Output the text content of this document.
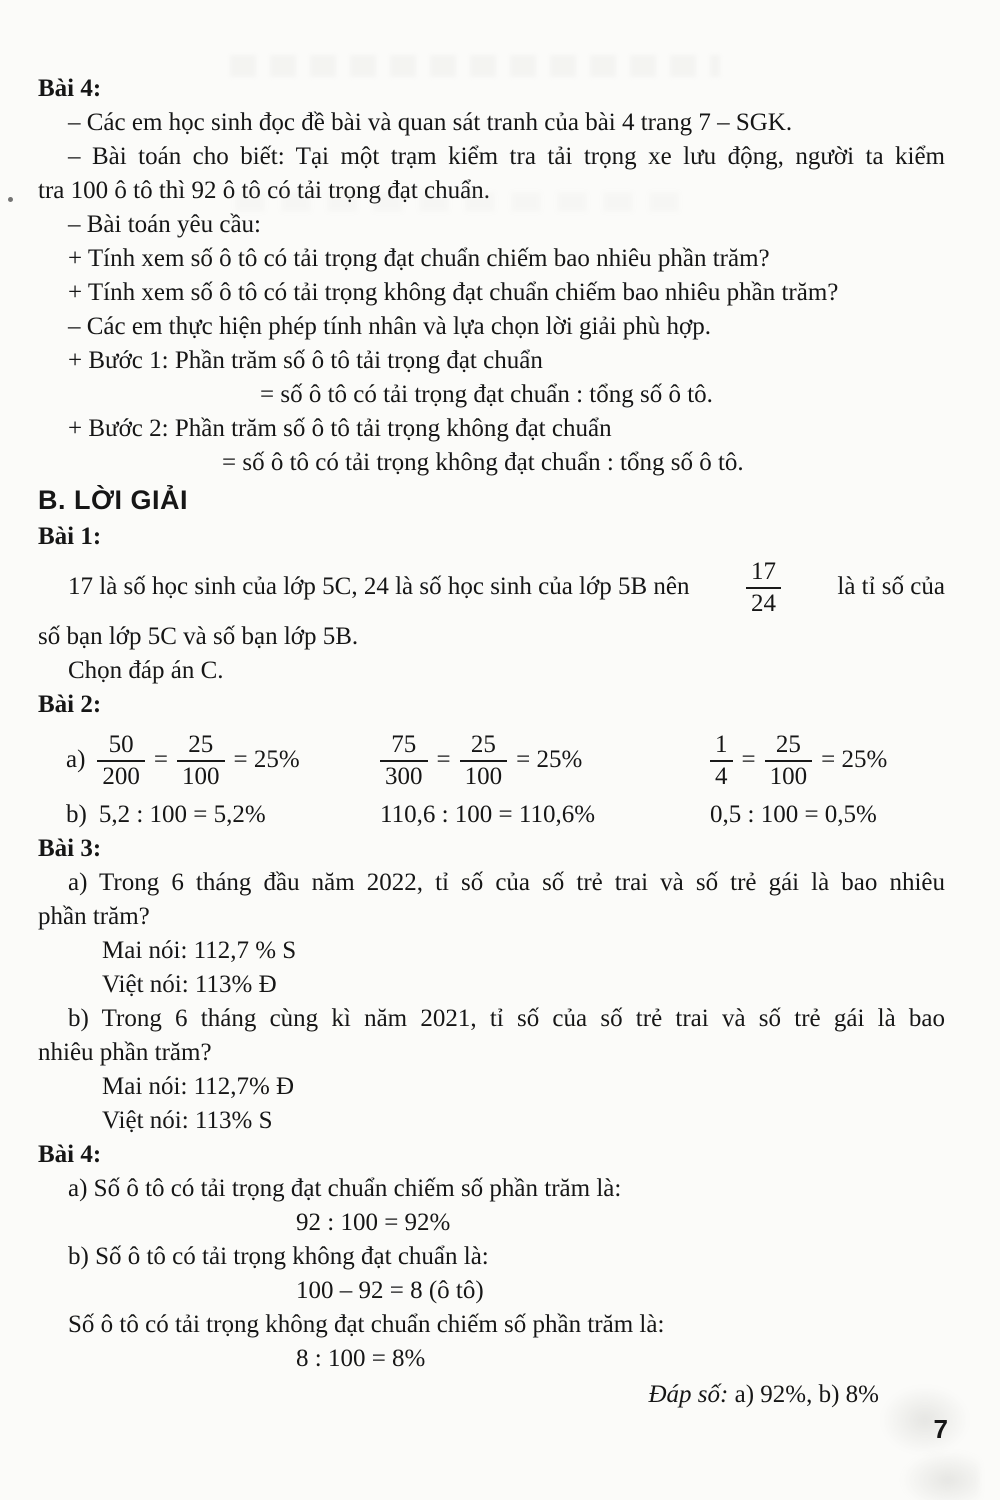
Bài 4:
– Các em học sinh đọc đề bài và quan sát tranh của bài 4 trang 7 – SGK.
– Bài toán cho biết: Tại một trạm kiểm tra tải trọng xe lưu động, người ta kiểm
tra 100 ô tô thì 92 ô tô có tải trọng đạt chuẩn.
– Bài toán yêu cầu:
+ Tính xem số ô tô có tải trọng đạt chuẩn chiếm bao nhiêu phần trăm?
+ Tính xem số ô tô có tải trọng không đạt chuẩn chiếm bao nhiêu phần trăm?
– Các em thực hiện phép tính nhân và lựa chọn lời giải phù hợp.
+ Bước 1: Phần trăm số ô tô tải trọng đạt chuẩn
= số ô tô có tải trọng đạt chuẩn : tổng số ô tô.
+ Bước 2: Phần trăm số ô tô tải trọng không đạt chuẩn
= số ô tô có tải trọng không đạt chuẩn : tổng số ô tô.
B. LỜI GIẢI
Bài 1:
17 là số học sinh của lớp 5C, 24 là số học sinh của lớp 5B nên $\frac{17}{24}$ là tỉ số của
số bạn lớp 5C và số bạn lớp 5B.
Chọn đáp án C.
Bài 2:
$a) \frac{50}{200} = \frac{25}{100} = 25\%$	$\frac{75}{300} = \frac{25}{100} = 25\%$	$\frac{1}{4} = \frac{25}{100} = 25\%$
b) 5,2 : 100 = 5,2%	110,6 : 100 = 110,6%	0,5 : 100 = 0,5%
Bài 3:
a) Trong 6 tháng đầu năm 2022, tỉ số của số trẻ trai và số trẻ gái là bao nhiêu
phần trăm?
Mai nói: 112,7 % S
Việt nói: 113% Đ
b) Trong 6 tháng cùng kì năm 2021, tỉ số của số trẻ trai và số trẻ gái là bao
nhiêu phần trăm?
Mai nói: 112,7% Đ
Việt nói: 113% S
Bài 4:
a) Số ô tô có tải trọng đạt chuẩn chiếm số phần trăm là:
92 : 100 = 92%
b) Số ô tô có tải trọng không đạt chuẩn là:
100 – 92 = 8 (ô tô)
Số ô tô có tải trọng không đạt chuẩn chiếm số phần trăm là:
8 : 100 = 8%
Đáp số: a) 92%, b) 8%
7
